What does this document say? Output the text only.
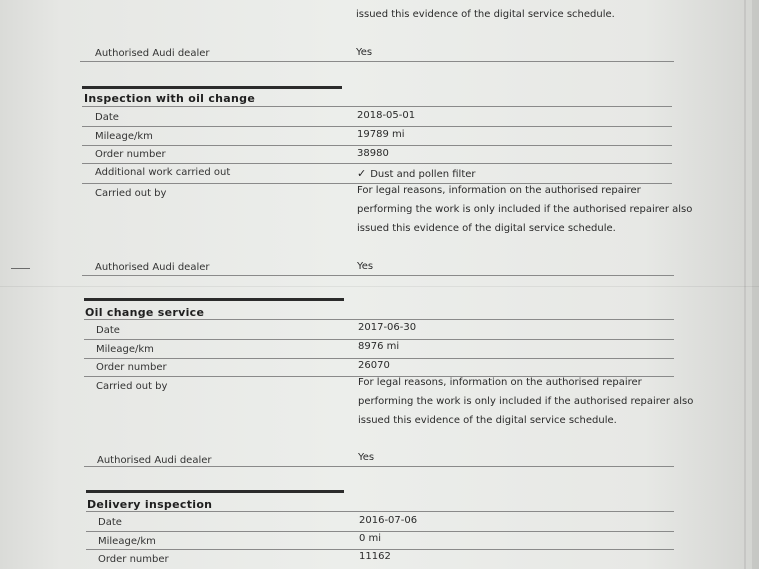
issued this evidence of the digital service schedule.
Authorised Audi dealer	Yes
Inspection with oil change
Date	2018-05-01
Mileage/km	19789 mi
Order number	38980
Additional work carried out	✓ Dust and pollen filter
Carried out by	For legal reasons, information on the authorised repairer
performing the work is only included if the authorised repairer also
issued this evidence of the digital service schedule.
Authorised Audi dealer	Yes
Oil change service
Date	2017-06-30
Mileage/km	8976 mi
Order number	26070
Carried out by	For legal reasons, information on the authorised repairer
performing the work is only included if the authorised repairer also
issued this evidence of the digital service schedule.
Authorised Audi dealer	Yes
Delivery inspection
Date	2016-07-06
Mileage/km	0 mi
Order number	11162
